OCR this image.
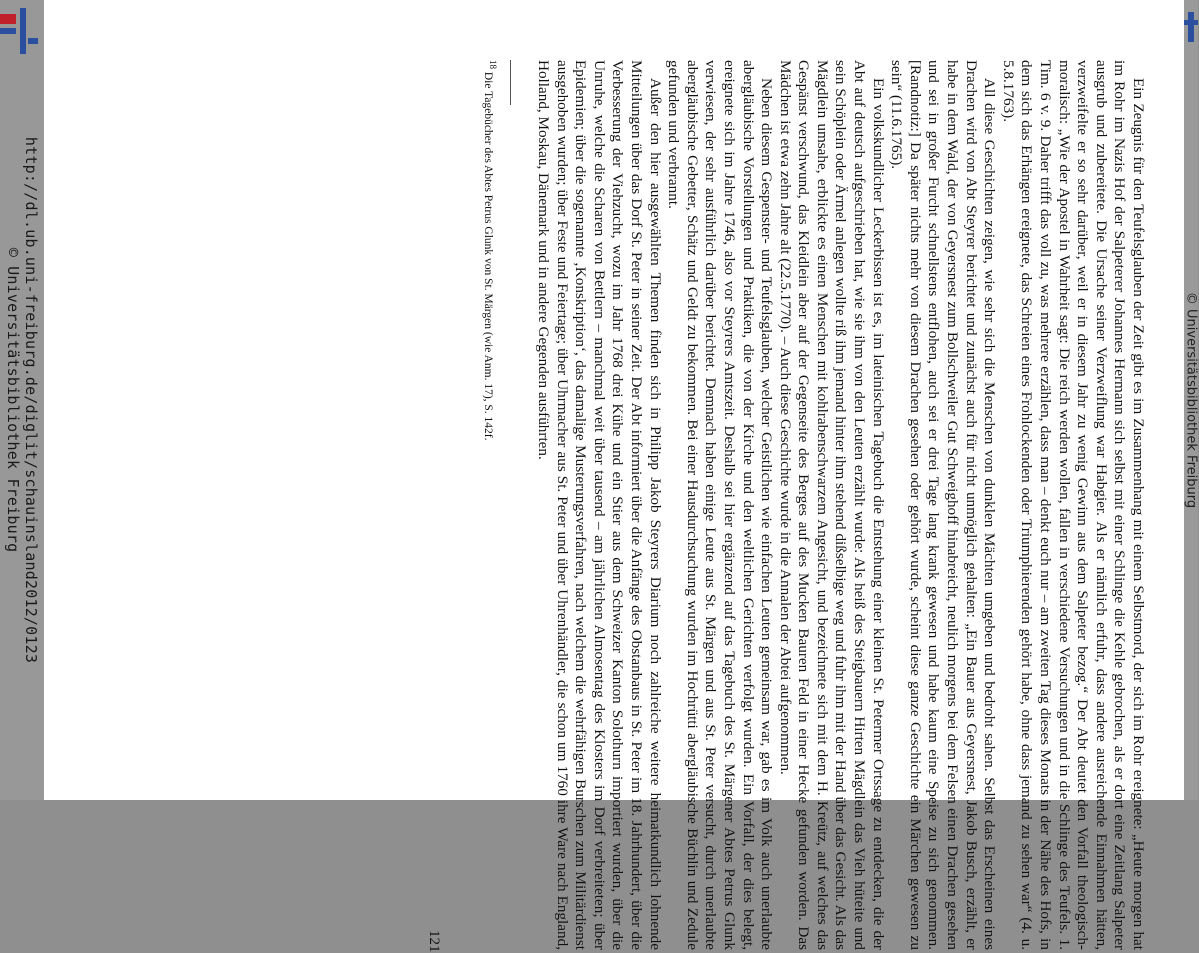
http://dl.ub.uni-freiburg.de/diglit/schauinsland2012/0123
© Universitätsbibliothek Freiburg	Ein Zeugnis für den Teufelsglauben der Zeit gibt es im Zusammenhang mit einem Selbstmord, der sich im Rohr ereignete: „Heute morgen hat im Rohr im Nazis Hof der Salpeterer Johannes Hermann sich selbst mit einer Schlinge die Kehle gebrochen, als er dort eine Zeitlang Salpeter ausgrub und zubereitete. Die Ursache seiner Verzweiflung war Habgier. Als er nämlich erfuhr, dass andere ausreichende Einnahmen hätten, verzweifelte er so sehr darüber, weil er in diesem Jahr zu wenig Gewinn aus dem Salpeter bezog.“ Der Abt deutet den Vorfall theologisch-moralisch: „Wie der Apostel in Wahrheit sagt: Die reich werden wollen, fallen in verschiedene Versuchungen und in die Schlinge des Teufels. 1. Tim. 6 v. 9. Daher trifft das voll zu, was mehrere erzählen, dass man – denkt euch nur – am zweiten Tag dieses Monats in der Nähe des Hofs, in dem sich das Erhängen ereignete, das Schreien eines Frohlockenden oder Triumphierenden gehört habe, ohne dass jemand zu sehen war“ (4. u. 5.8.1763).

All diese Geschichten zeigen, wie sehr sich die Menschen von dunklen Mächten umgeben und bedroht sahen. Selbst das Erscheinen eines Drachen wird von Abt Steyrer berichtet und zunächst auch für nicht unmöglich gehalten: „Ein Bauer aus Geyersnest, Jakob Busch, erzählt, er habe in dem Wald, der von Geyersnest zum Bollschweiler Gut Schweighoff hinabreicht, neulich morgens bei dem Felsen einen Drachen gesehen und sei in großer Furcht schnellstens entflohen, auch sei er drei Tage lang krank gewesen und habe kaum eine Speise zu sich genommen. [Randnotiz:] Da später nichts mehr von diesem Drachen gesehen oder gehört wurde, scheint diese ganze Geschichte ein Märchen gewesen zu sein“ (11.6.1765).

Ein volkskundlicher Leckerbissen ist es, im lateinischen Tagebuch die Entstehung einer kleinen St. Petermer Ortssage zu entdecken, die der Abt auf deutsch aufgeschrieben hat, wie sie ihm von den Leuten erzählt wurde: Als heiß des Steigbauern Hirten Mägdlein das Vieh hüteite und sein Schöplein oder Ärmel anlegen wollte riß ihm jemand hinter ihm stehend dißselbige weg und fuhr ihm mit der Hand über das Gesicht. Als das Mägdlein umsahe, erblickte es einen Menschen mit kohlrabenschwarzem Angesicht, und bezeichnete sich mit dem H. Kreütz, auf welches das Gespänst verschwund, das Kleidlein aber auf der Gegenseite des Berges auf des Mucken Bauren Feld in einer Hecke gefunden worden. Das Mädchen ist etwa zehn Jahre alt (22.5.1770). – Auch diese Geschichte wurde in die Annalen der Abtei aufgenommen.

Neben diesem Gespenster- und Teufelsglauben, welcher Geistlichen wie einfachen Leuten gemeinsam war, gab es im Volk auch unerlaubte abergläubische Vorstellungen und Praktiken, die von der Kirche und den weltlichen Gerichten verfolgt wurden. Ein Vorfall, der dies belegt, ereignete sich im Jahre 1746, also vor Steyrers Amtszeit. Deshalb sei hier ergänzend auf das Tagebuch des St. Märgener Abtes Petrus Glunk verwiesen, der sehr ausführlich darüber berichtet. Demnach haben einige Leute aus St. Märgen und aus St. Peter versucht, durch unerlaubte abergläubische Gebetter, Schätz und Geldt zu bekommen. Bei einer Hausdurchsuchung wurden im Hochrütti abergläubische Büchlin und Zedule gefunden und verbrannt.

Außer den hier ausgewählten Themen finden sich in Philipp Jakob Steyrers Diarium noch zahlreiche weitere heimatkundlich lohnende Mitteilungen über das Dorf St. Peter in seiner Zeit. Der Abt informiert über die Anfänge des Obstanbaus in St. Peter im 18. Jahrhundert, über die Verbesserung der Viehzucht, wozu im Jahr 1768 drei Kühe und ein Stier aus dem Schweizer Kanton Solothurn importiert wurden, über die Unruhe, welche die Scharen von Bettlern – manchmal weit über tausend – am jährlichen Almosentag des Klosters im Dorf verbreiteten; über Epidemien; über die sogenannte ‚Konskription‘, das damalige Musterungsverfahren, nach welchem die wehrfähigen Burschen zum Militärdienst ausgehoben wurden; über Feste und Feiertage; über Uhrmacher aus St. Peter und über Uhrenhändler, die schon um 1760 ihre Ware nach England, Holland, Moskau, Dänemark und in andere Gegenden ausführten.

$^{18}$ Die Tagebücher des Abtes Petrus Glunk von St. Märgen (wie Anm. 17), S. 142f.

121
© Universitätsbibliothek Freiburg
